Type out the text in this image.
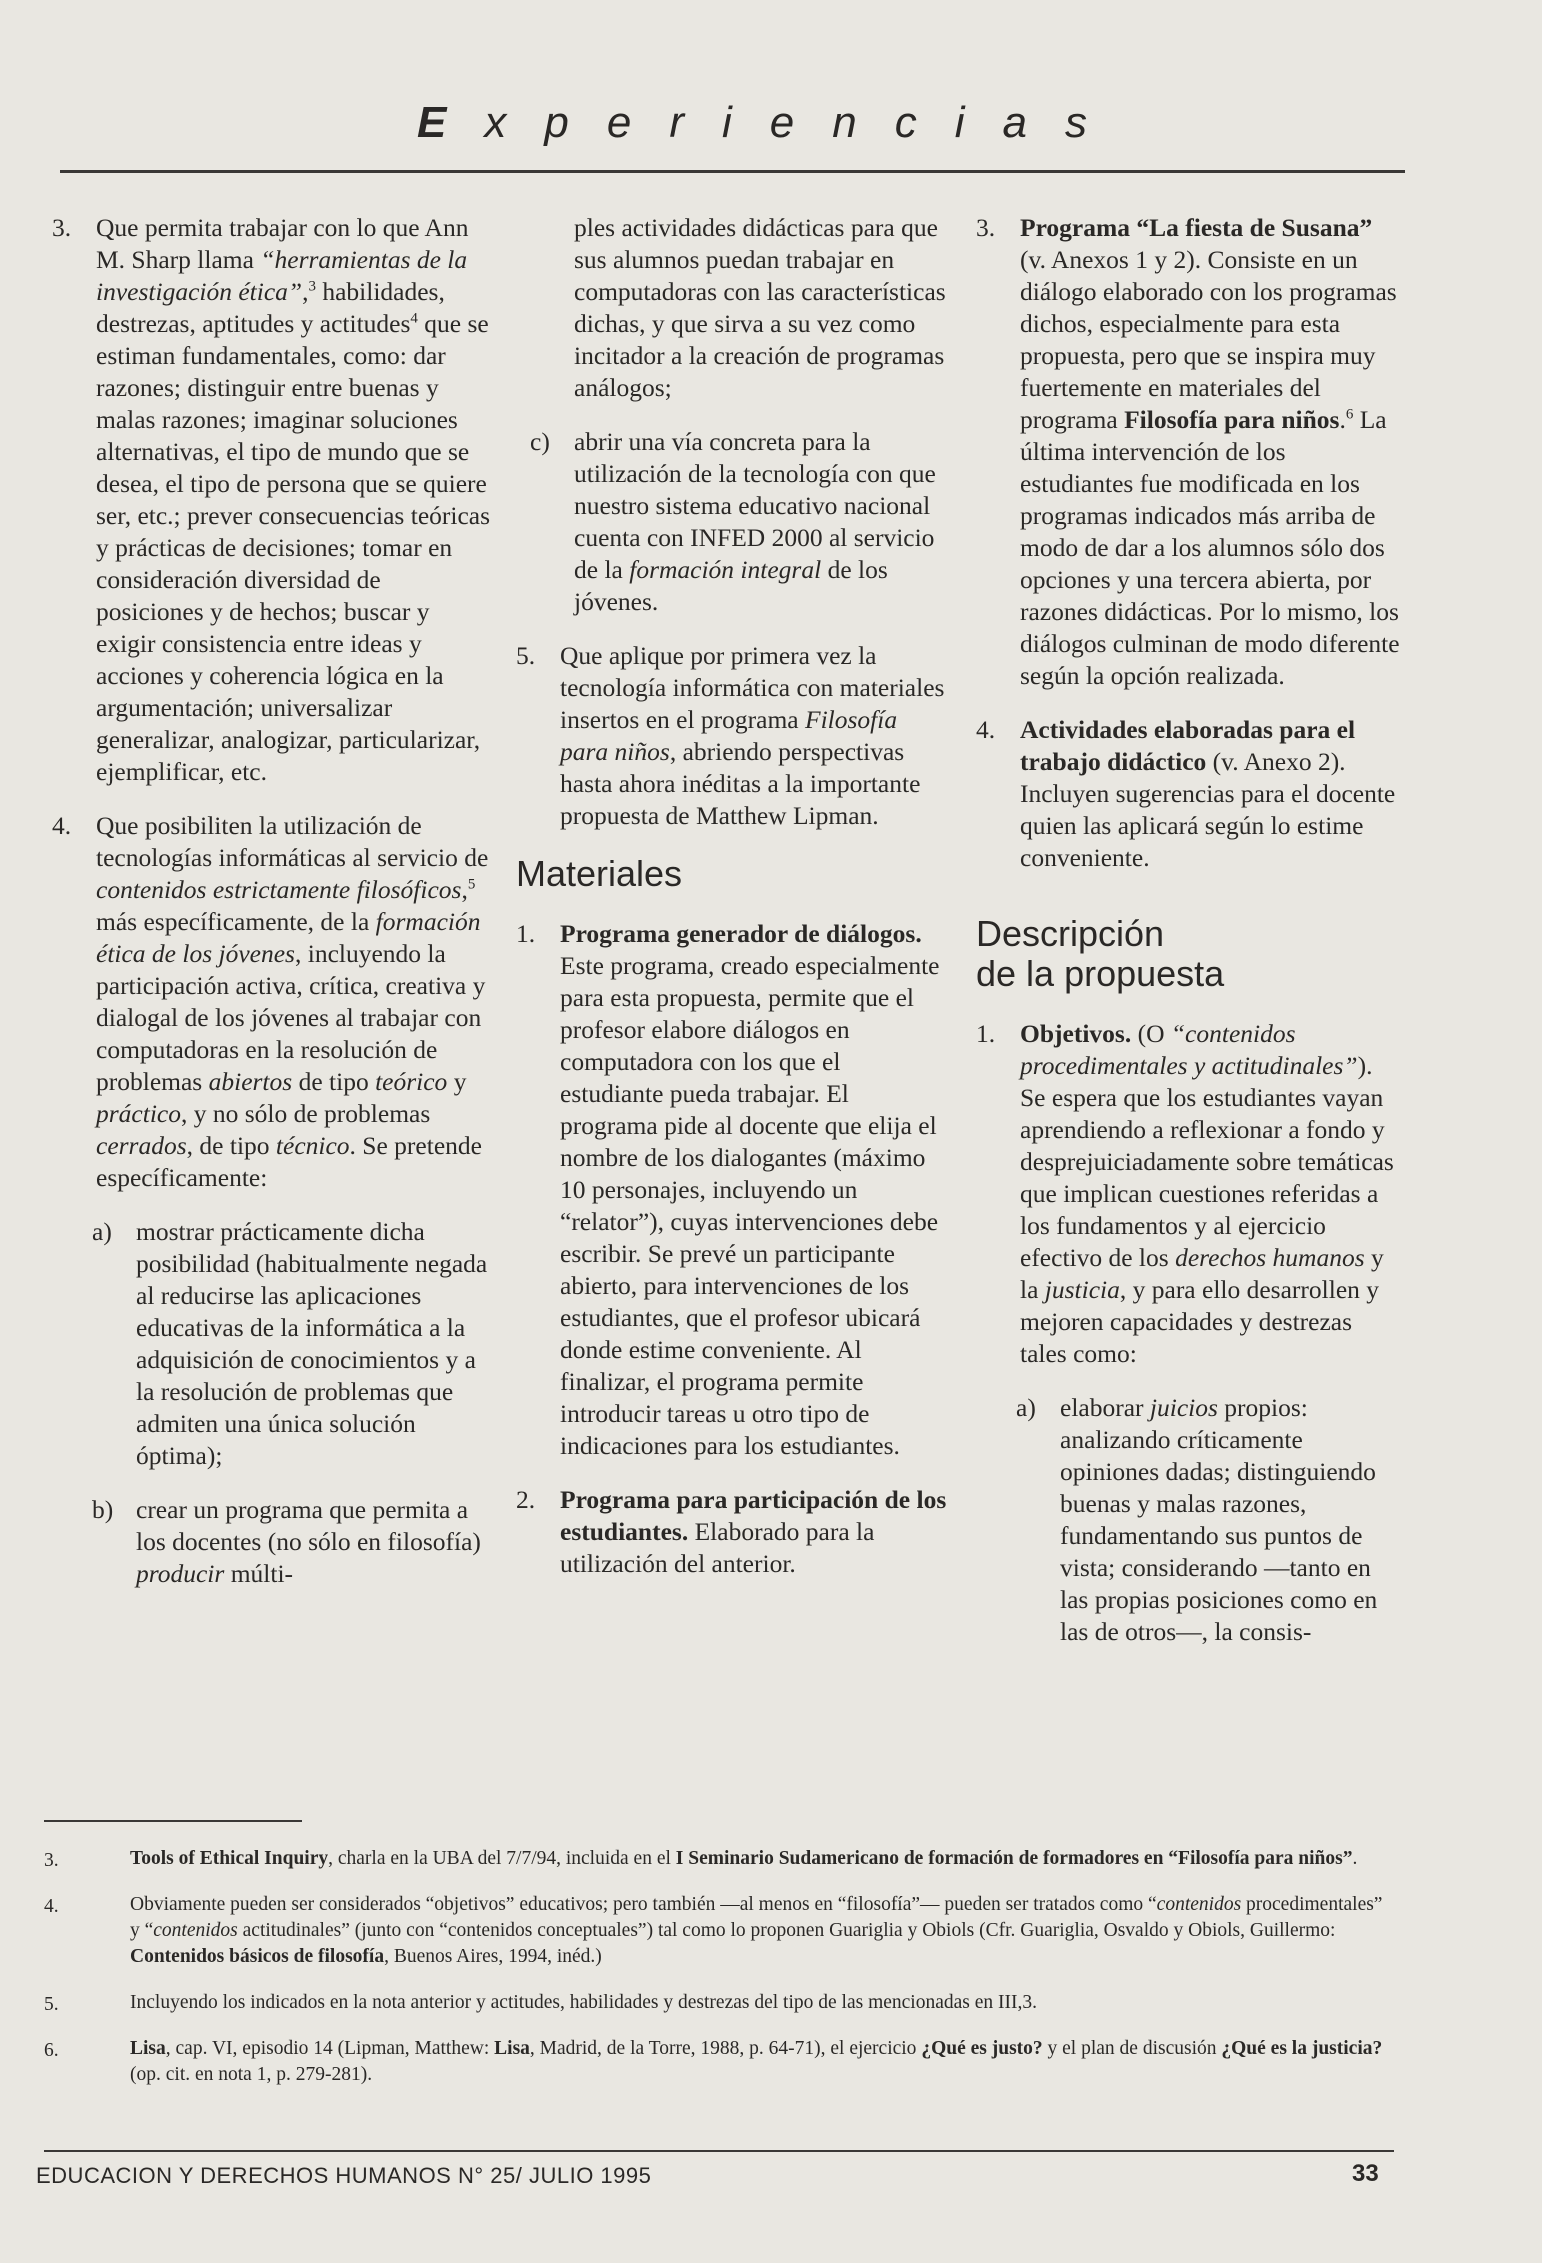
Experiencias
3. Que permita trabajar con lo que Ann M. Sharp llama “herramientas de la investigación ética”,$^3$ habilidades, destrezas, aptitudes y actitudes$^4$ que se estiman fundamentales, como: dar razones; distinguir entre buenas y malas razones; imaginar soluciones alternativas, el tipo de mundo que se desea, el tipo de persona que se quiere ser, etc.; prever consecuencias teóricas y prácticas de decisiones; tomar en consideración diversidad de posiciones y de hechos; buscar y exigir consistencia entre ideas y acciones y coherencia lógica en la argumentación; universalizar generalizar, analogizar, particularizar, ejemplificar, etc.
4. Que posibiliten la utilización de tecnologías informáticas al servicio de contenidos estrictamente filosóficos,$^5$ más específicamente, de la formación ética de los jóvenes, incluyendo la participación activa, crítica, creativa y dialogal de los jóvenes al trabajar con computadoras en la resolución de problemas abiertos de tipo teórico y práctico, y no sólo de problemas cerrados, de tipo técnico. Se pretende específicamente:
a) mostrar prácticamente dicha posibilidad (habitualmente negada al reducirse las aplicaciones educativas de la informática a la adquisición de conocimientos y a la resolución de problemas que admiten una única solución óptima);
b) crear un programa que permita a los docentes (no sólo en filosofía) producir múlti-
ples actividades didácticas para que sus alumnos puedan trabajar en computadoras con las características dichas, y que sirva a su vez como incitador a la creación de programas análogos;
c) abrir una vía concreta para la utilización de la tecnología con que nuestro sistema educativo nacional cuenta con INFED 2000 al servicio de la formación integral de los jóvenes.
5. Que aplique por primera vez la tecnología informática con materiales insertos en el programa Filosofía para niños, abriendo perspectivas hasta ahora inéditas a la importante propuesta de Matthew Lipman.
Materiales
1. Programa generador de diálogos. Este programa, creado especialmente para esta propuesta, permite que el profesor elabore diálogos en computadora con los que el estudiante pueda trabajar. El programa pide al docente que elija el nombre de los dialogantes (máximo 10 personajes, incluyendo un “relator”), cuyas intervenciones debe escribir. Se prevé un participante abierto, para intervenciones de los estudiantes, que el profesor ubicará donde estime conveniente. Al finalizar, el programa permite introducir tareas u otro tipo de indicaciones para los estudiantes.
2. Programa para participación de los estudiantes. Elaborado para la utilización del anterior.
3. Programa “La fiesta de Susana” (v. Anexos 1 y 2). Consiste en un diálogo elaborado con los programas dichos, especialmente para esta propuesta, pero que se inspira muy fuertemente en materiales del programa Filosofía para niños.$^6$ La última intervención de los estudiantes fue modificada en los programas indicados más arriba de modo de dar a los alumnos sólo dos opciones y una tercera abierta, por razones didácticas. Por lo mismo, los diálogos culminan de modo diferente según la opción realizada.
4. Actividades elaboradas para el trabajo didáctico (v. Anexo 2). Incluyen sugerencias para el docente quien las aplicará según lo estime conveniente.
Descripción
de la propuesta
1. Objetivos. (O “contenidos procedimentales y actitudinales”). Se espera que los estudiantes vayan aprendiendo a reflexionar a fondo y desprejuiciadamente sobre temáticas que implican cuestiones referidas a los fundamentos y al ejercicio efectivo de los derechos humanos y la justicia, y para ello desarrollen y mejoren capacidades y destrezas tales como:
a) elaborar juicios propios: analizando críticamente opiniones dadas; distinguiendo buenas y malas razones, fundamentando sus puntos de vista; considerando —tanto en las propias posiciones como en las de otros—, la consis-
3.	Tools of Ethical Inquiry, charla en la UBA del 7/7/94, incluida en el I Seminario Sudamericano de formación de formadores en “Filosofía para niños”.
4.	Obviamente pueden ser considerados “objetivos” educativos; pero también —al menos en “filosofía”— pueden ser tratados como “contenidos procedimentales” y “contenidos actitudinales” (junto con “contenidos conceptuales”) tal como lo proponen Guariglia y Obiols (Cfr. Guariglia, Osvaldo y Obiols, Guillermo: Contenidos básicos de filosofía, Buenos Aires, 1994, inéd.)
5.	Incluyendo los indicados en la nota anterior y actitudes, habilidades y destrezas del tipo de las mencionadas en III,3.
6.	Lisa, cap. VI, episodio 14 (Lipman, Matthew: Lisa, Madrid, de la Torre, 1988, p. 64-71), el ejercicio ¿Qué es justo? y el plan de discusión ¿Qué es la justicia? (op. cit. en nota 1, p. 279-281).
EDUCACION Y DERECHOS HUMANOS N° 25/ JULIO 1995	33
